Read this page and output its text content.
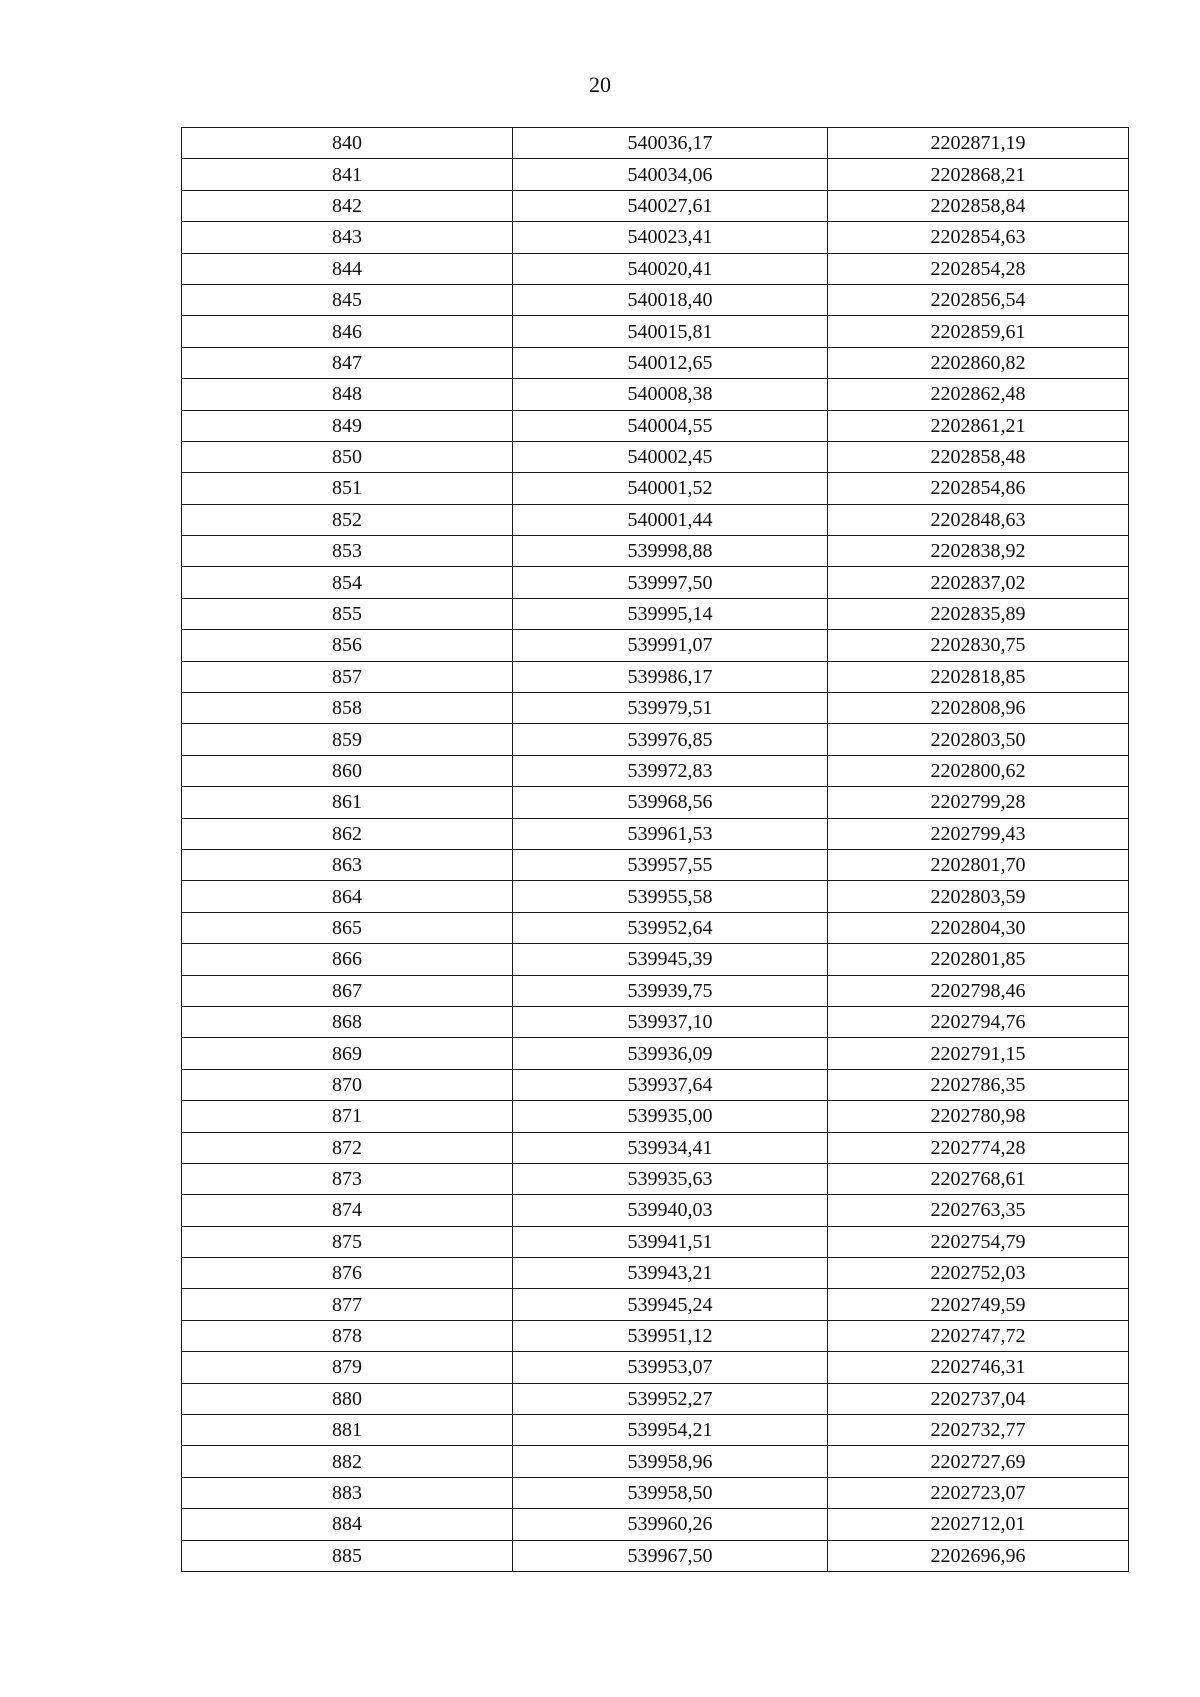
20
840	540036,17	2202871,19
841	540034,06	2202868,21
842	540027,61	2202858,84
843	540023,41	2202854,63
844	540020,41	2202854,28
845	540018,40	2202856,54
846	540015,81	2202859,61
847	540012,65	2202860,82
848	540008,38	2202862,48
849	540004,55	2202861,21
850	540002,45	2202858,48
851	540001,52	2202854,86
852	540001,44	2202848,63
853	539998,88	2202838,92
854	539997,50	2202837,02
855	539995,14	2202835,89
856	539991,07	2202830,75
857	539986,17	2202818,85
858	539979,51	2202808,96
859	539976,85	2202803,50
860	539972,83	2202800,62
861	539968,56	2202799,28
862	539961,53	2202799,43
863	539957,55	2202801,70
864	539955,58	2202803,59
865	539952,64	2202804,30
866	539945,39	2202801,85
867	539939,75	2202798,46
868	539937,10	2202794,76
869	539936,09	2202791,15
870	539937,64	2202786,35
871	539935,00	2202780,98
872	539934,41	2202774,28
873	539935,63	2202768,61
874	539940,03	2202763,35
875	539941,51	2202754,79
876	539943,21	2202752,03
877	539945,24	2202749,59
878	539951,12	2202747,72
879	539953,07	2202746,31
880	539952,27	2202737,04
881	539954,21	2202732,77
882	539958,96	2202727,69
883	539958,50	2202723,07
884	539960,26	2202712,01
885	539967,50	2202696,96
